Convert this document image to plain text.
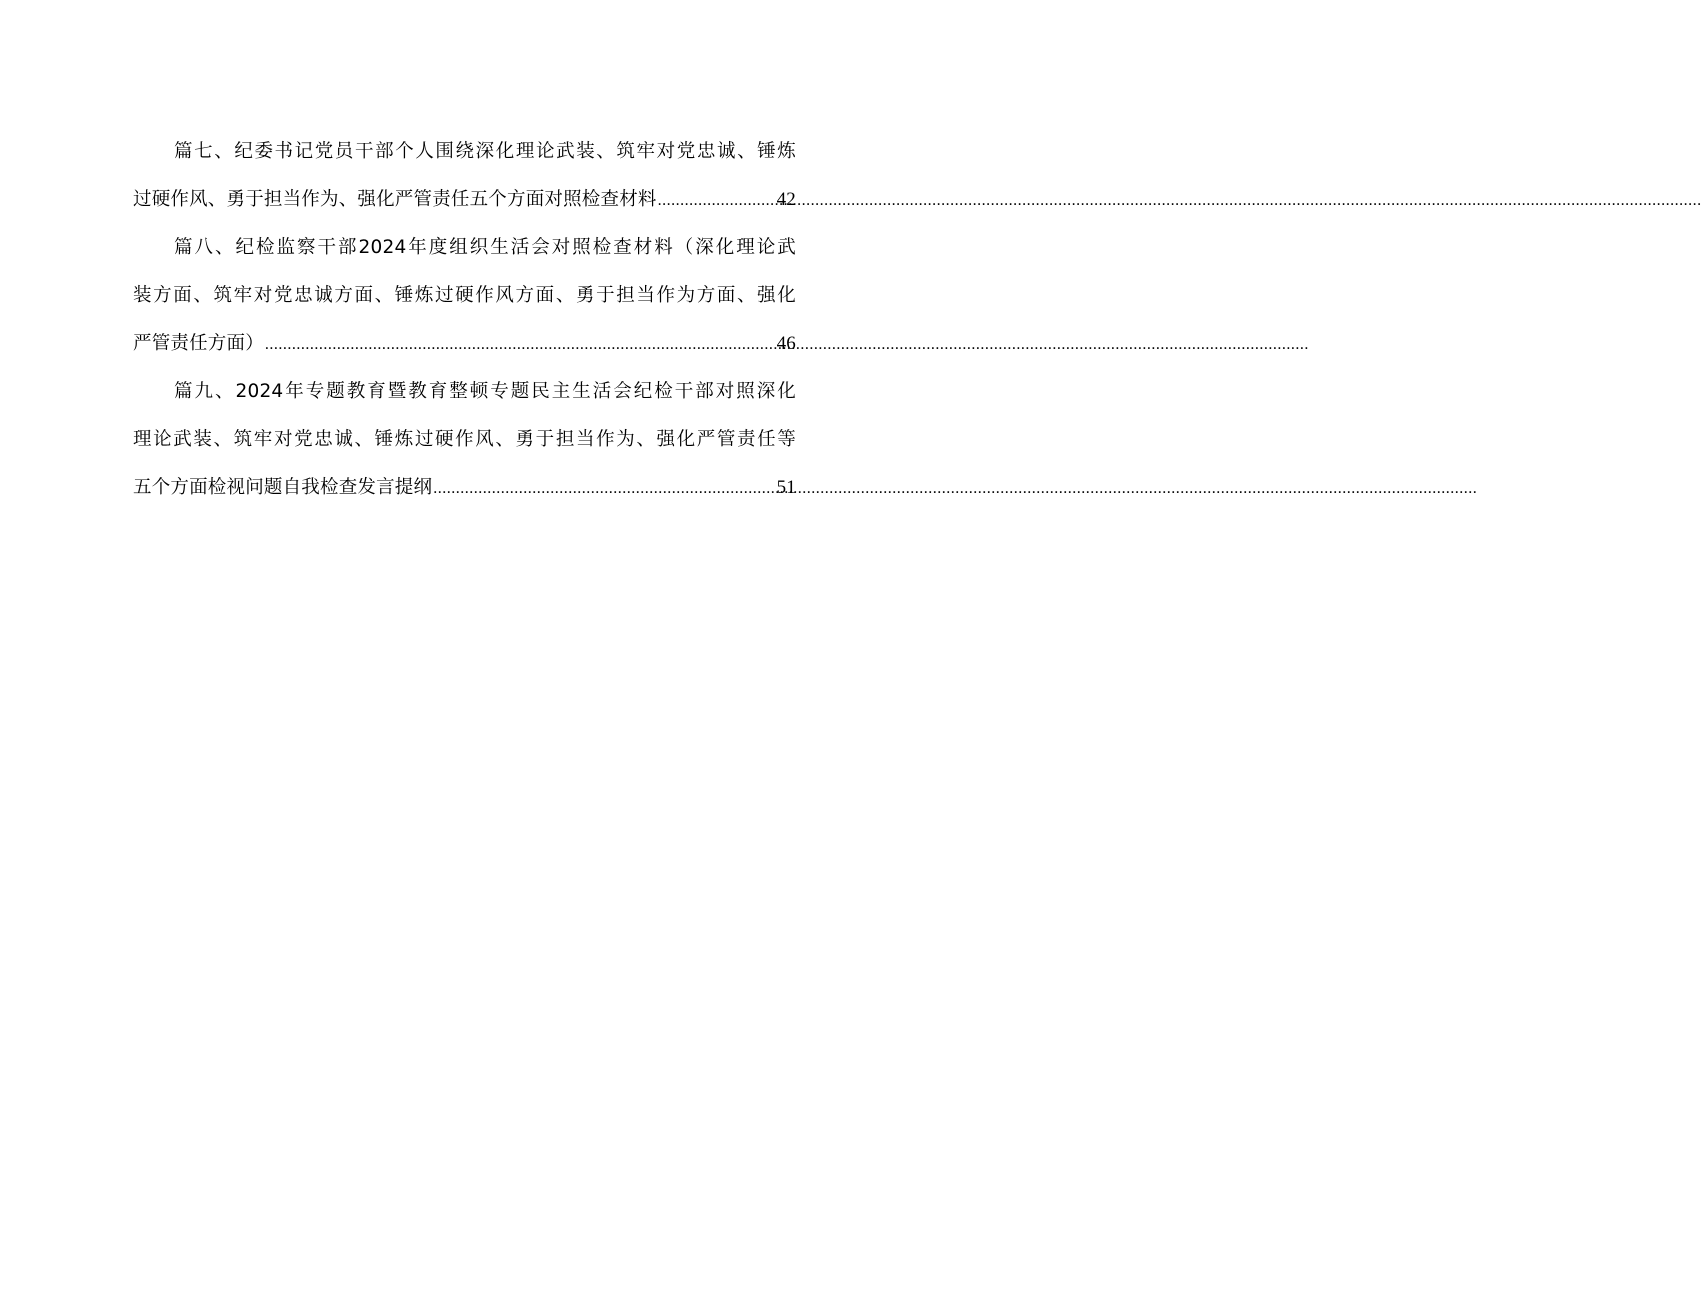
篇七、纪委书记党员干部个人围绕深化理论武装、筑牢对党忠诚、锤炼
过硬作风、勇于担当作为、强化严管责任五个方面对照检查材料 .....	42
篇八、纪检监察干部2024年度组织生活会对照检查材料（深化理论武
装方面、筑牢对党忠诚方面、锤炼过硬作风方面、勇于担当作为方面、强化
严管责任方面） .....	46
篇九、2024年专题教育暨教育整顿专题民主生活会纪检干部对照深化
理论武装、筑牢对党忠诚、锤炼过硬作风、勇于担当作为、强化严管责任等
五个方面检视问题自我检查发言提纲 .....	51
